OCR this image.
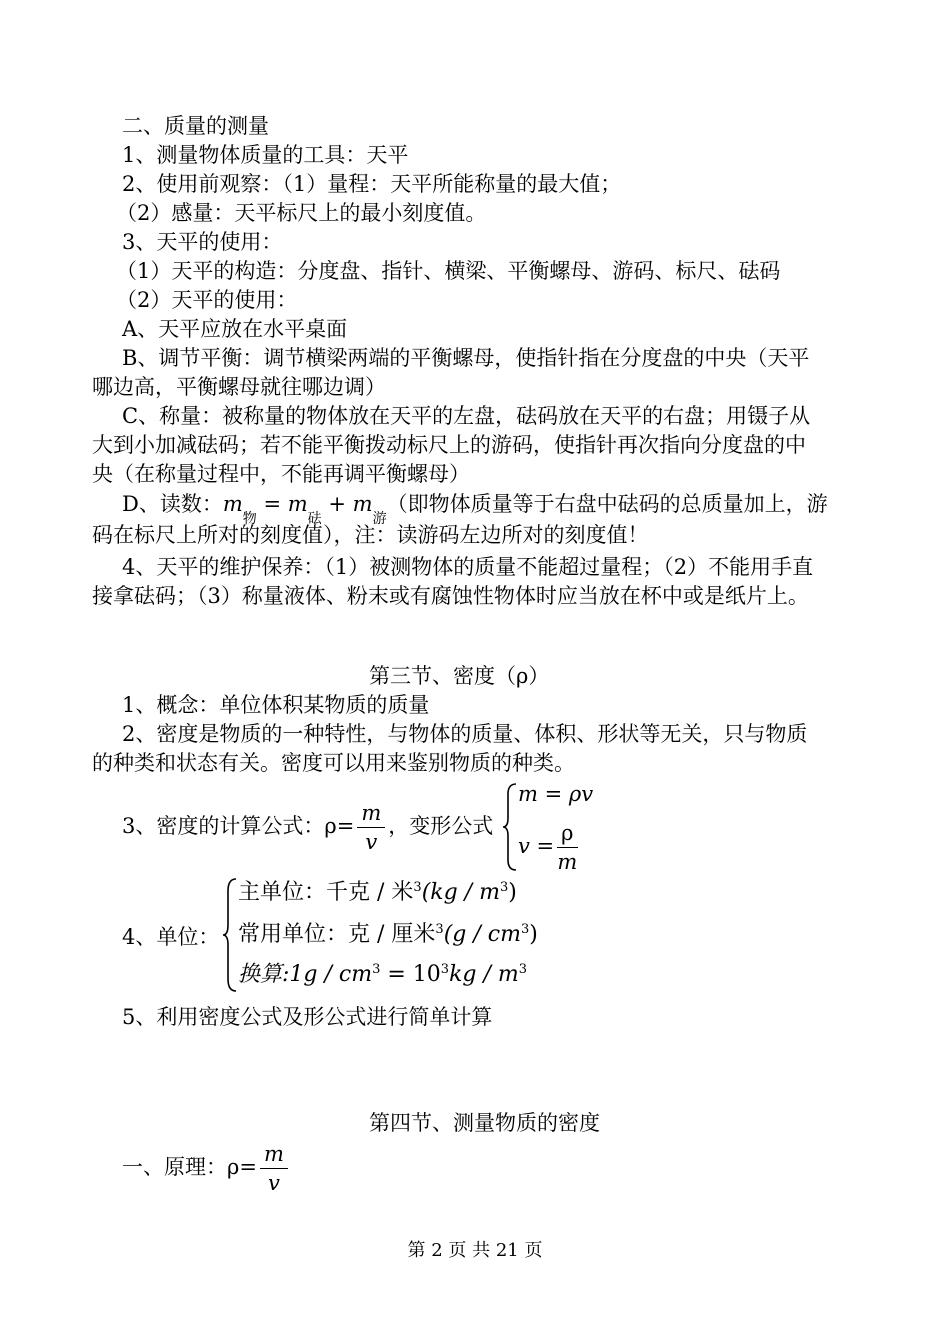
二、质量的测量
1、测量物体质量的工具：天平
2、使用前观察：（1）量程：天平所能称量的最大值；
（2）感量：天平标尺上的最小刻度值。
3、天平的使用：
（1）天平的构造：分度盘、指针、横梁、平衡螺母、游码、标尺、砝码
（2）天平的使用：
A、天平应放在水平桌面
B、调节平衡：调节横梁两端的平衡螺母，使指针指在分度盘的中央（天平
哪边高，平衡螺母就往哪边调）
C、称量：被称量的物体放在天平的左盘，砝码放在天平的右盘；用镊子从
大到小加减砝码；若不能平衡拨动标尺上的游码，使指针再次指向分度盘的中
央（在称量过程中，不能再调平衡螺母）
D、读数：$m_物 = m_砝 + m_游$（即物体质量等于右盘中砝码的总质量加上，游
码在标尺上所对的刻度值），注：读游码左边所对的刻度值！
4、天平的维护保养：（1）被测物体的质量不能超过量程；（2）不能用手直
接拿砝码；（3）称量液体、粉末或有腐蚀性物体时应当放在杯中或是纸片上。
第三节、密度（ρ）
1、概念：单位体积某物质的质量
2、密度是物质的一种特性，与物体的质量、体积、形状等无关，只与物质
的种类和状态有关。密度可以用来鉴别物质的种类。
3、密度的计算公式：$\rho= \frac{m}{v}$ ，变形公式
m = ρv
$v = \frac{\rho}{m}$
4、单位：
主单位：千克 / 米$^3(kg / m^3)$
常用单位：克 / 厘米$^3(g / cm^3)$
换算:1g / $cm^3 = 10^3kg / m^3$
5、利用密度公式及形公式进行简单计算
第四节、测量物质的密度
一、原理：$\rho= \frac{m}{v}$
第 2 页 共 21 页
